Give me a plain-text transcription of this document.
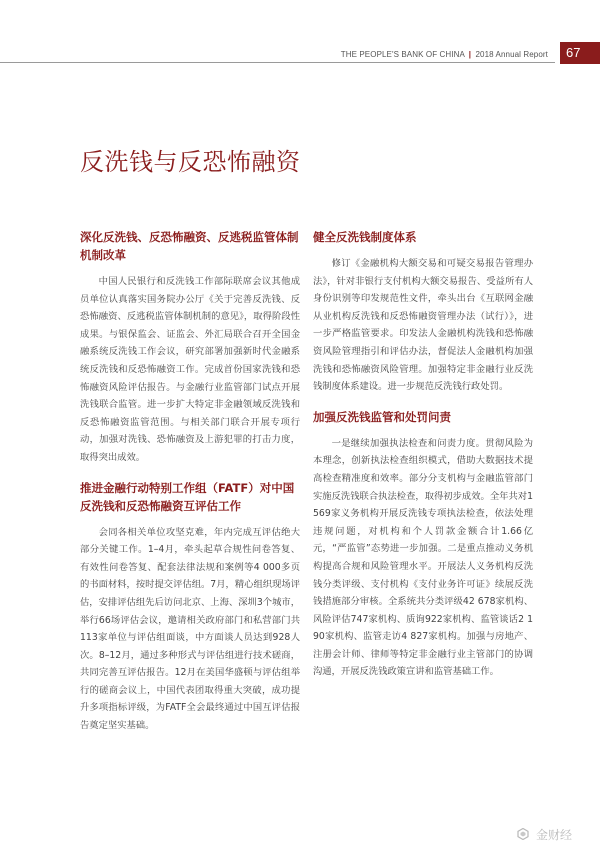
THE PEOPLE'S BANK OF CHINA | 2018 Annual Report	67
反洗钱与反恐怖融资
深化反洗钱、反恐怖融资、反逃税监管体制机制改革

中国人民银行和反洗钱工作部际联席会议其他成员单位认真落实国务院办公厅《关于完善反洗钱、反恐怖融资、反逃税监管体制机制的意见》，取得阶段性成果。与银保监会、证监会、外汇局联合召开全国金融系统反洗钱工作会议，研究部署加强新时代金融系统反洗钱和反恐怖融资工作。完成首份国家洗钱和恐怖融资风险评估报告。与金融行业监管部门试点开展洗钱联合监管。进一步扩大特定非金融领域反洗钱和反恐怖融资监管范围。与相关部门联合开展专项行动，加强对洗钱、恐怖融资及上游犯罪的打击力度，取得突出成效。

推进金融行动特别工作组（FATF）对中国反洗钱和反恐怖融资互评估工作

会同各相关单位攻坚克难，年内完成互评估绝大部分关键工作。1–4月，牵头起草合规性问卷答复、有效性问卷答复、配套法律法规和案例等4 000多页的书面材料，按时提交评估组。7月，精心组织现场评估，安排评估组先后访问北京、上海、深圳3个城市，举行66场评估会议，邀请相关政府部门和私营部门共113家单位与评估组面谈，中方面谈人员达到928人次。8–12月，通过多种形式与评估组进行技术磋商，共同完善互评估报告。12月在美国华盛顿与评估组举行的磋商会议上，中国代表团取得重大突破，成功提升多项指标评级，为FATF全会最终通过中国互评估报告奠定坚实基础。

健全反洗钱制度体系

修订《金融机构大额交易和可疑交易报告管理办法》，针对非银行支付机构大额交易报告、受益所有人身份识别等印发规范性文件，牵头出台《互联网金融从业机构反洗钱和反恐怖融资管理办法（试行）》，进一步严格监管要求。印发法人金融机构洗钱和恐怖融资风险管理指引和评估办法，督促法人金融机构加强洗钱和恐怖融资风险管理。加强特定非金融行业反洗钱制度体系建设。进一步规范反洗钱行政处罚。

加强反洗钱监管和处罚问责

一是继续加强执法检查和问责力度。贯彻风险为本理念，创新执法检查组织模式，借助大数据技术提高检查精准度和效率。部分分支机构与金融监管部门实施反洗钱联合执法检查，取得初步成效。全年共对1 569家义务机构开展反洗钱专项执法检查，依法处理违规问题，对机构和个人罚款金额合计1.66亿元，“严监管”态势进一步加强。二是重点推动义务机构提高合规和风险管理水平。开展法人义务机构反洗钱分类评级、支付机构《支付业务许可证》续展反洗钱措施部分审核。全系统共分类评级42 678家机构、风险评估747家机构、质询922家机构、监管谈话2 190家机构、监管走访4 827家机构。加强与房地产、注册会计师、律师等特定非金融行业主管部门的协调沟通，开展反洗钱政策宣讲和监管基础工作。

金财经
